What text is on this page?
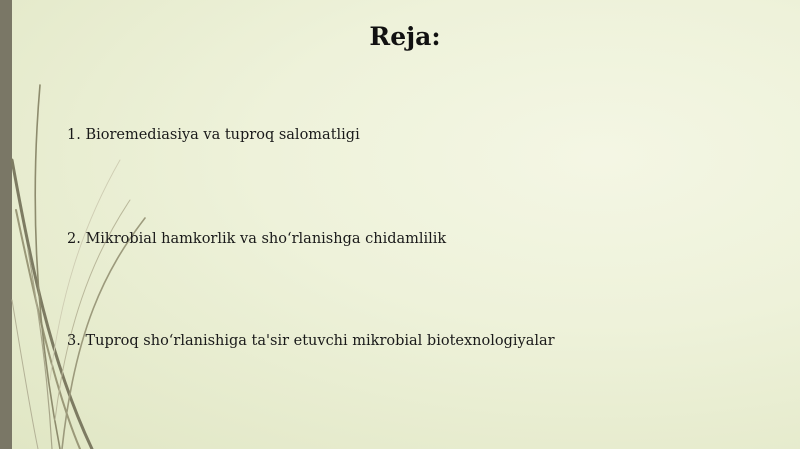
Reja:
1. Bioremediasiya va tuproq salomatligi
2. Mikrobial hamkorlik va sho‘rlanishga chidamlilik
3. Tuproq sho‘rlanishiga ta'sir etuvchi mikrobial biotexnologiyalar
